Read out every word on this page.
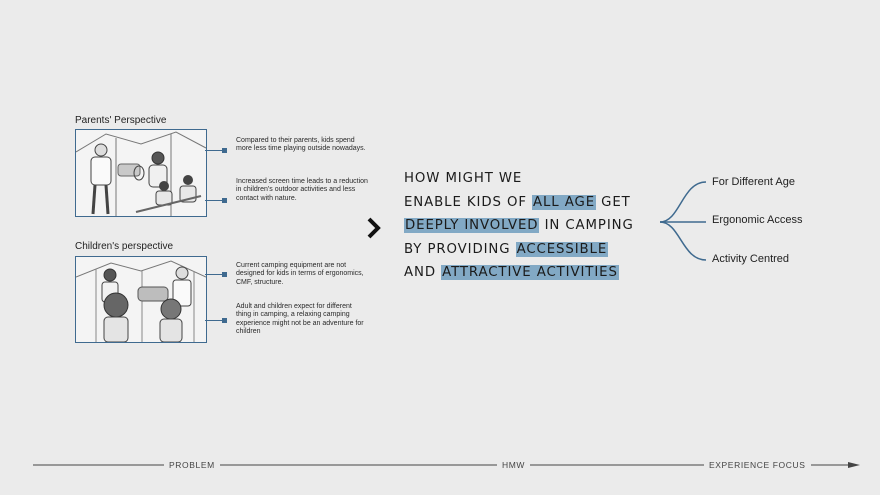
Parents' Perspective
Compared to their parents, kids spend more less time playing outside nowadays.
Increased screen time leads to a reduction in children's outdoor activities and less contact with nature.
Children's perspective
Current camping equipment are not designed for kids in terms of ergonomics, CMF, structure.
Adult and children expect for different thing in camping, a relaxing camping experience might not be an adventure for children
HOW MIGHT WE
ENABLE KIDS OF ALL AGE GET
DEEPLY INVOLVED IN CAMPING
BY PROVIDING ACCESSIBLE
AND ATTRACTIVE ACTIVITIES
For Different Age
Ergonomic Access
Activity Centred
PROBLEM	HMW	EXPERIENCE FOCUS
